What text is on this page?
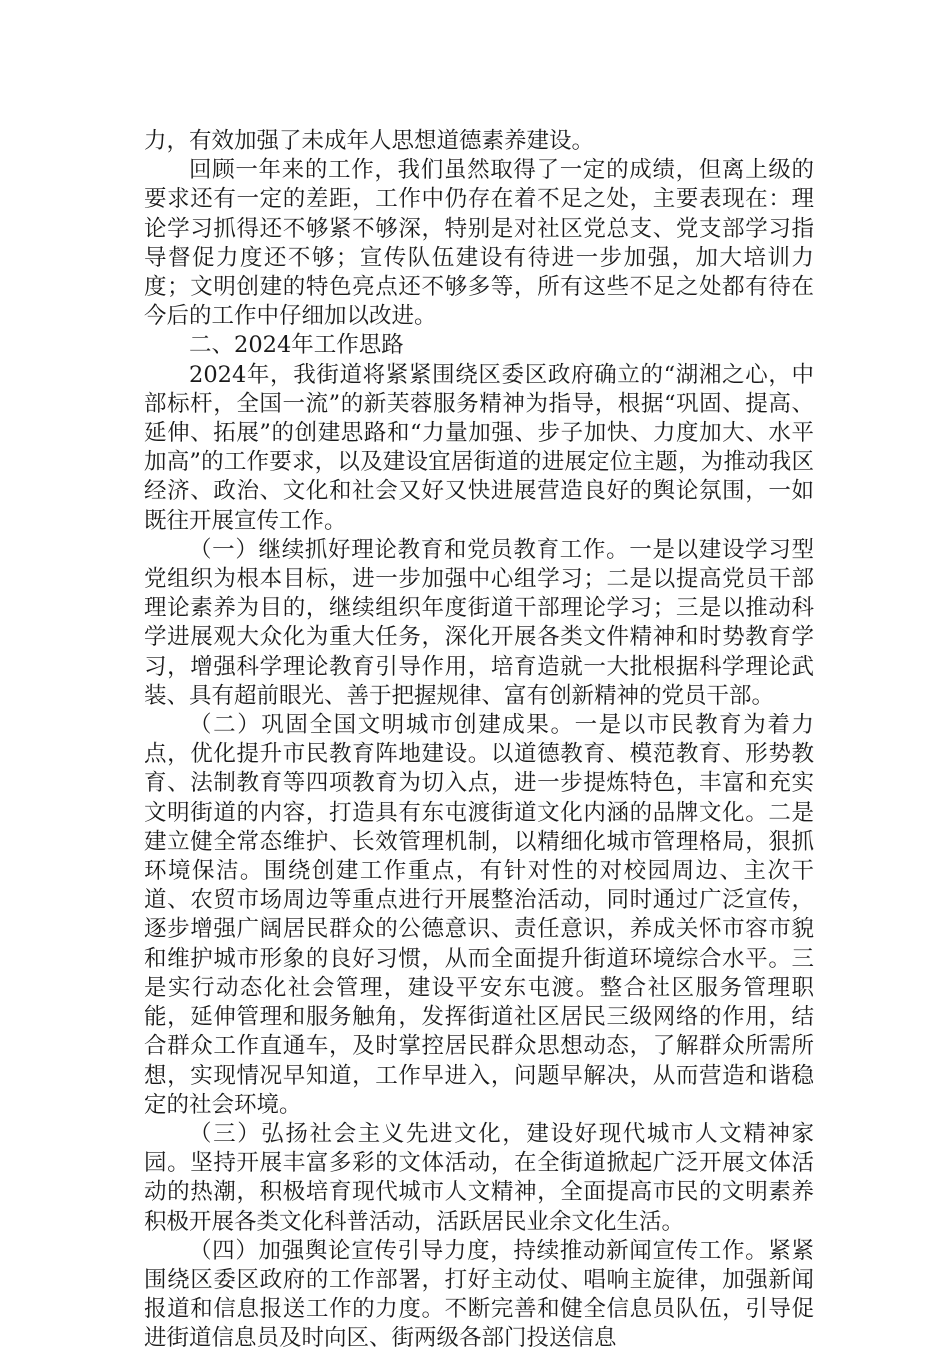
力，有效加强了未成年人思想道德素养建设。

回顾一年来的工作，我们虽然取得了一定的成绩，但离上级的要求还有一定的差距，工作中仍存在着不足之处，主要表现在：理论学习抓得还不够紧不够深，特别是对社区党总支、党支部学习指导督促力度还不够；宣传队伍建设有待进一步加强，加大培训力度；文明创建的特色亮点还不够多等，所有这些不足之处都有待在今后的工作中仔细加以改进。

二、2024年工作思路

2024年，我街道将紧紧围绕区委区政府确立的“湖湘之心，中部标杆，全国一流”的新芙蓉服务精神为指导，根据“巩固、提高、延伸、拓展”的创建思路和“力量加强、步子加快、力度加大、水平加高”的工作要求，以及建设宜居街道的进展定位主题，为推动我区经济、政治、文化和社会又好又快进展营造良好的舆论氛围，一如既往开展宣传工作。

（一）继续抓好理论教育和党员教育工作。一是以建设学习型党组织为根本目标，进一步加强中心组学习；二是以提高党员干部理论素养为目的，继续组织年度街道干部理论学习；三是以推动科学进展观大众化为重大任务，深化开展各类文件精神和时势教育学习，增强科学理论教育引导作用，培育造就一大批根据科学理论武装、具有超前眼光、善于把握规律、富有创新精神的党员干部。

（二）巩固全国文明城市创建成果。一是以市民教育为着力点，优化提升市民教育阵地建设。以道德教育、模范教育、形势教育、法制教育等四项教育为切入点，进一步提炼特色，丰富和充实文明街道的内容，打造具有东屯渡街道文化内涵的品牌文化。二是建立健全常态维护、长效管理机制，以精细化城市管理格局，狠抓环境保洁。围绕创建工作重点，有针对性的对校园周边、主次干道、农贸市场周边等重点进行开展整治活动，同时通过广泛宣传，逐步增强广阔居民群众的公德意识、责任意识，养成关怀市容市貌和维护城市形象的良好习惯，从而全面提升街道环境综合水平。三是实行动态化社会管理，建设平安东屯渡。整合社区服务管理职能，延伸管理和服务触角，发挥街道社区居民三级网络的作用，结合群众工作直通车，及时掌控居民群众思想动态，了解群众所需所想，实现情况早知道，工作早进入，问题早解决，从而营造和谐稳定的社会环境。

（三）弘扬社会主义先进文化，建设好现代城市人文精神家园。坚持开展丰富多彩的文体活动，在全街道掀起广泛开展文体活动的热潮，积极培育现代城市人文精神，全面提高市民的文明素养积极开展各类文化科普活动，活跃居民业余文化生活。

（四）加强舆论宣传引导力度，持续推动新闻宣传工作。紧紧围绕区委区政府的工作部署，打好主动仗、唱响主旋律，加强新闻报道和信息报送工作的力度。不断完善和健全信息员队伍，引导促进街道信息员及时向区、街两级各部门投送信息
